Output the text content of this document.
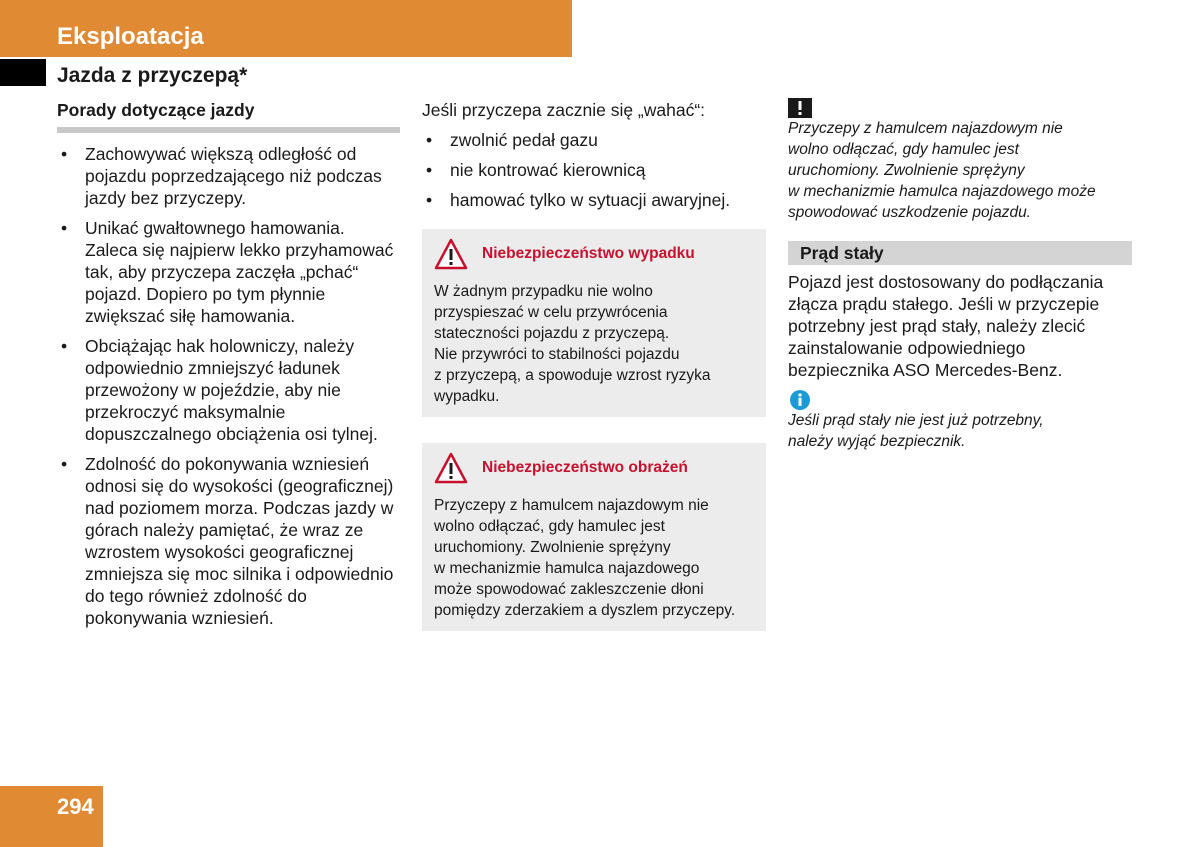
Eksploatacja
Jazda z przyczepą*
Porady dotyczące jazdy
• Zachowywać większą odległość od pojazdu poprzedzającego niż podczas jazdy bez przyczepy.
• Unikać gwałtownego hamowania. Zaleca się najpierw lekko przyhamować tak, aby przyczepa zaczęła „pchać“ pojazd. Dopiero po tym płynnie zwiększać siłę hamowania.
• Obciążając hak holowniczy, należy odpowiednio zmniejszyć ładunek przewożony w pojeździe, aby nie przekroczyć maksymalnie dopuszczalnego obciążenia osi tylnej.
• Zdolność do pokonywania wzniesień odnosi się do wysokości (geograficznej) nad poziomem morza. Podczas jazdy w górach należy pamiętać, że wraz ze wzrostem wysokości geograficznej zmniejsza się moc silnika i odpowiednio do tego również zdolność do pokonywania wzniesień.
Jeśli przyczepa zacznie się „wahać“:
• zwolnić pedał gazu
• nie kontrować kierownicą
• hamować tylko w sytuacji awaryjnej.
Niebezpieczeństwo wypadku
W żadnym przypadku nie wolno
przyspieszać w celu przywrócenia
stateczności pojazdu z przyczepą.
Nie przywróci to stabilności pojazdu
z przyczepą, a spowoduje wzrost ryzyka
wypadku.
Niebezpieczeństwo obrażeń
Przyczepy z hamulcem najazdowym nie
wolno odłączać, gdy hamulec jest
uruchomiony. Zwolnienie sprężyny
w mechanizmie hamulca najazdowego
może spowodować zakleszczenie dłoni
pomiędzy zderzakiem a dyszlem przyczepy.

Przyczepy z hamulcem najazdowym nie
wolno odłączać, gdy hamulec jest
uruchomiony. Zwolnienie sprężyny
w mechanizmie hamulca najazdowego może
spowodować uszkodzenie pojazdu.

Prąd stały
Pojazd jest dostosowany do podłączania
złącza prądu stałego. Jeśli w przyczepie
potrzebny jest prąd stały, należy zlecić
zainstalowanie odpowiedniego
bezpiecznika ASO Mercedes-Benz.

Jeśli prąd stały nie jest już potrzebny,
należy wyjąć bezpiecznik.

294
